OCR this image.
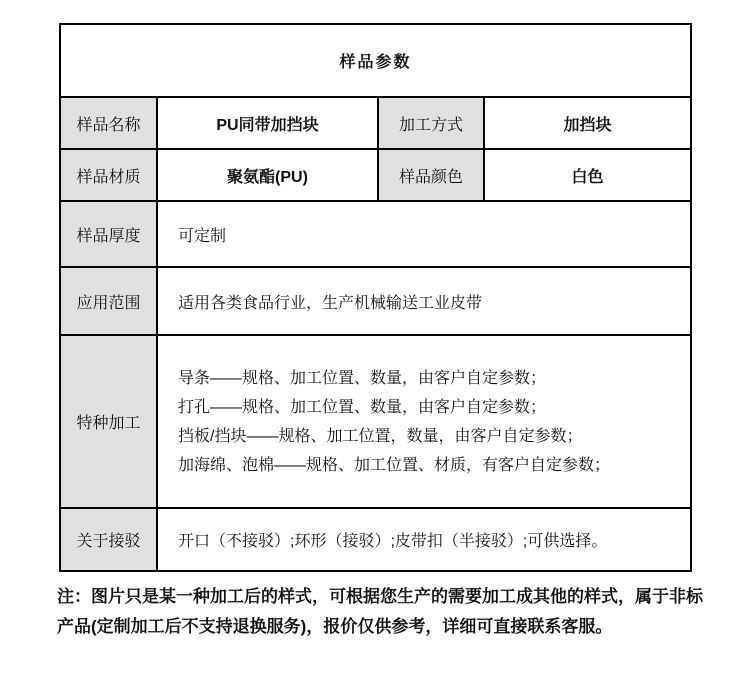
样品参数			
样品名称	PU同带加挡块	加工方式	加挡块
样品材质	聚氨酯(PU)	样品颜色	白色
样品厚度	可定制		
应用范围	适用各类食品行业，生产机械输送工业皮带		
特种加工	导条——规格、加工位置、数量，由客户自定参数；
打孔——规格、加工位置、数量，由客户自定参数；
挡板/挡块——规格、加工位置，数量，由客户自定参数；
加海绵、泡棉——规格、加工位置、材质，有客户自定参数；		

关于接驳	开口（不接驳）;环形（接驳）;皮带扣（半接驳）;可供选择。		
注：图片只是某一种加工后的样式，可根据您生产的需要加工成其他的样式，属于非标
产品(定制加工后不支持退换服务)，报价仅供参考，详细可直接联系客服。
